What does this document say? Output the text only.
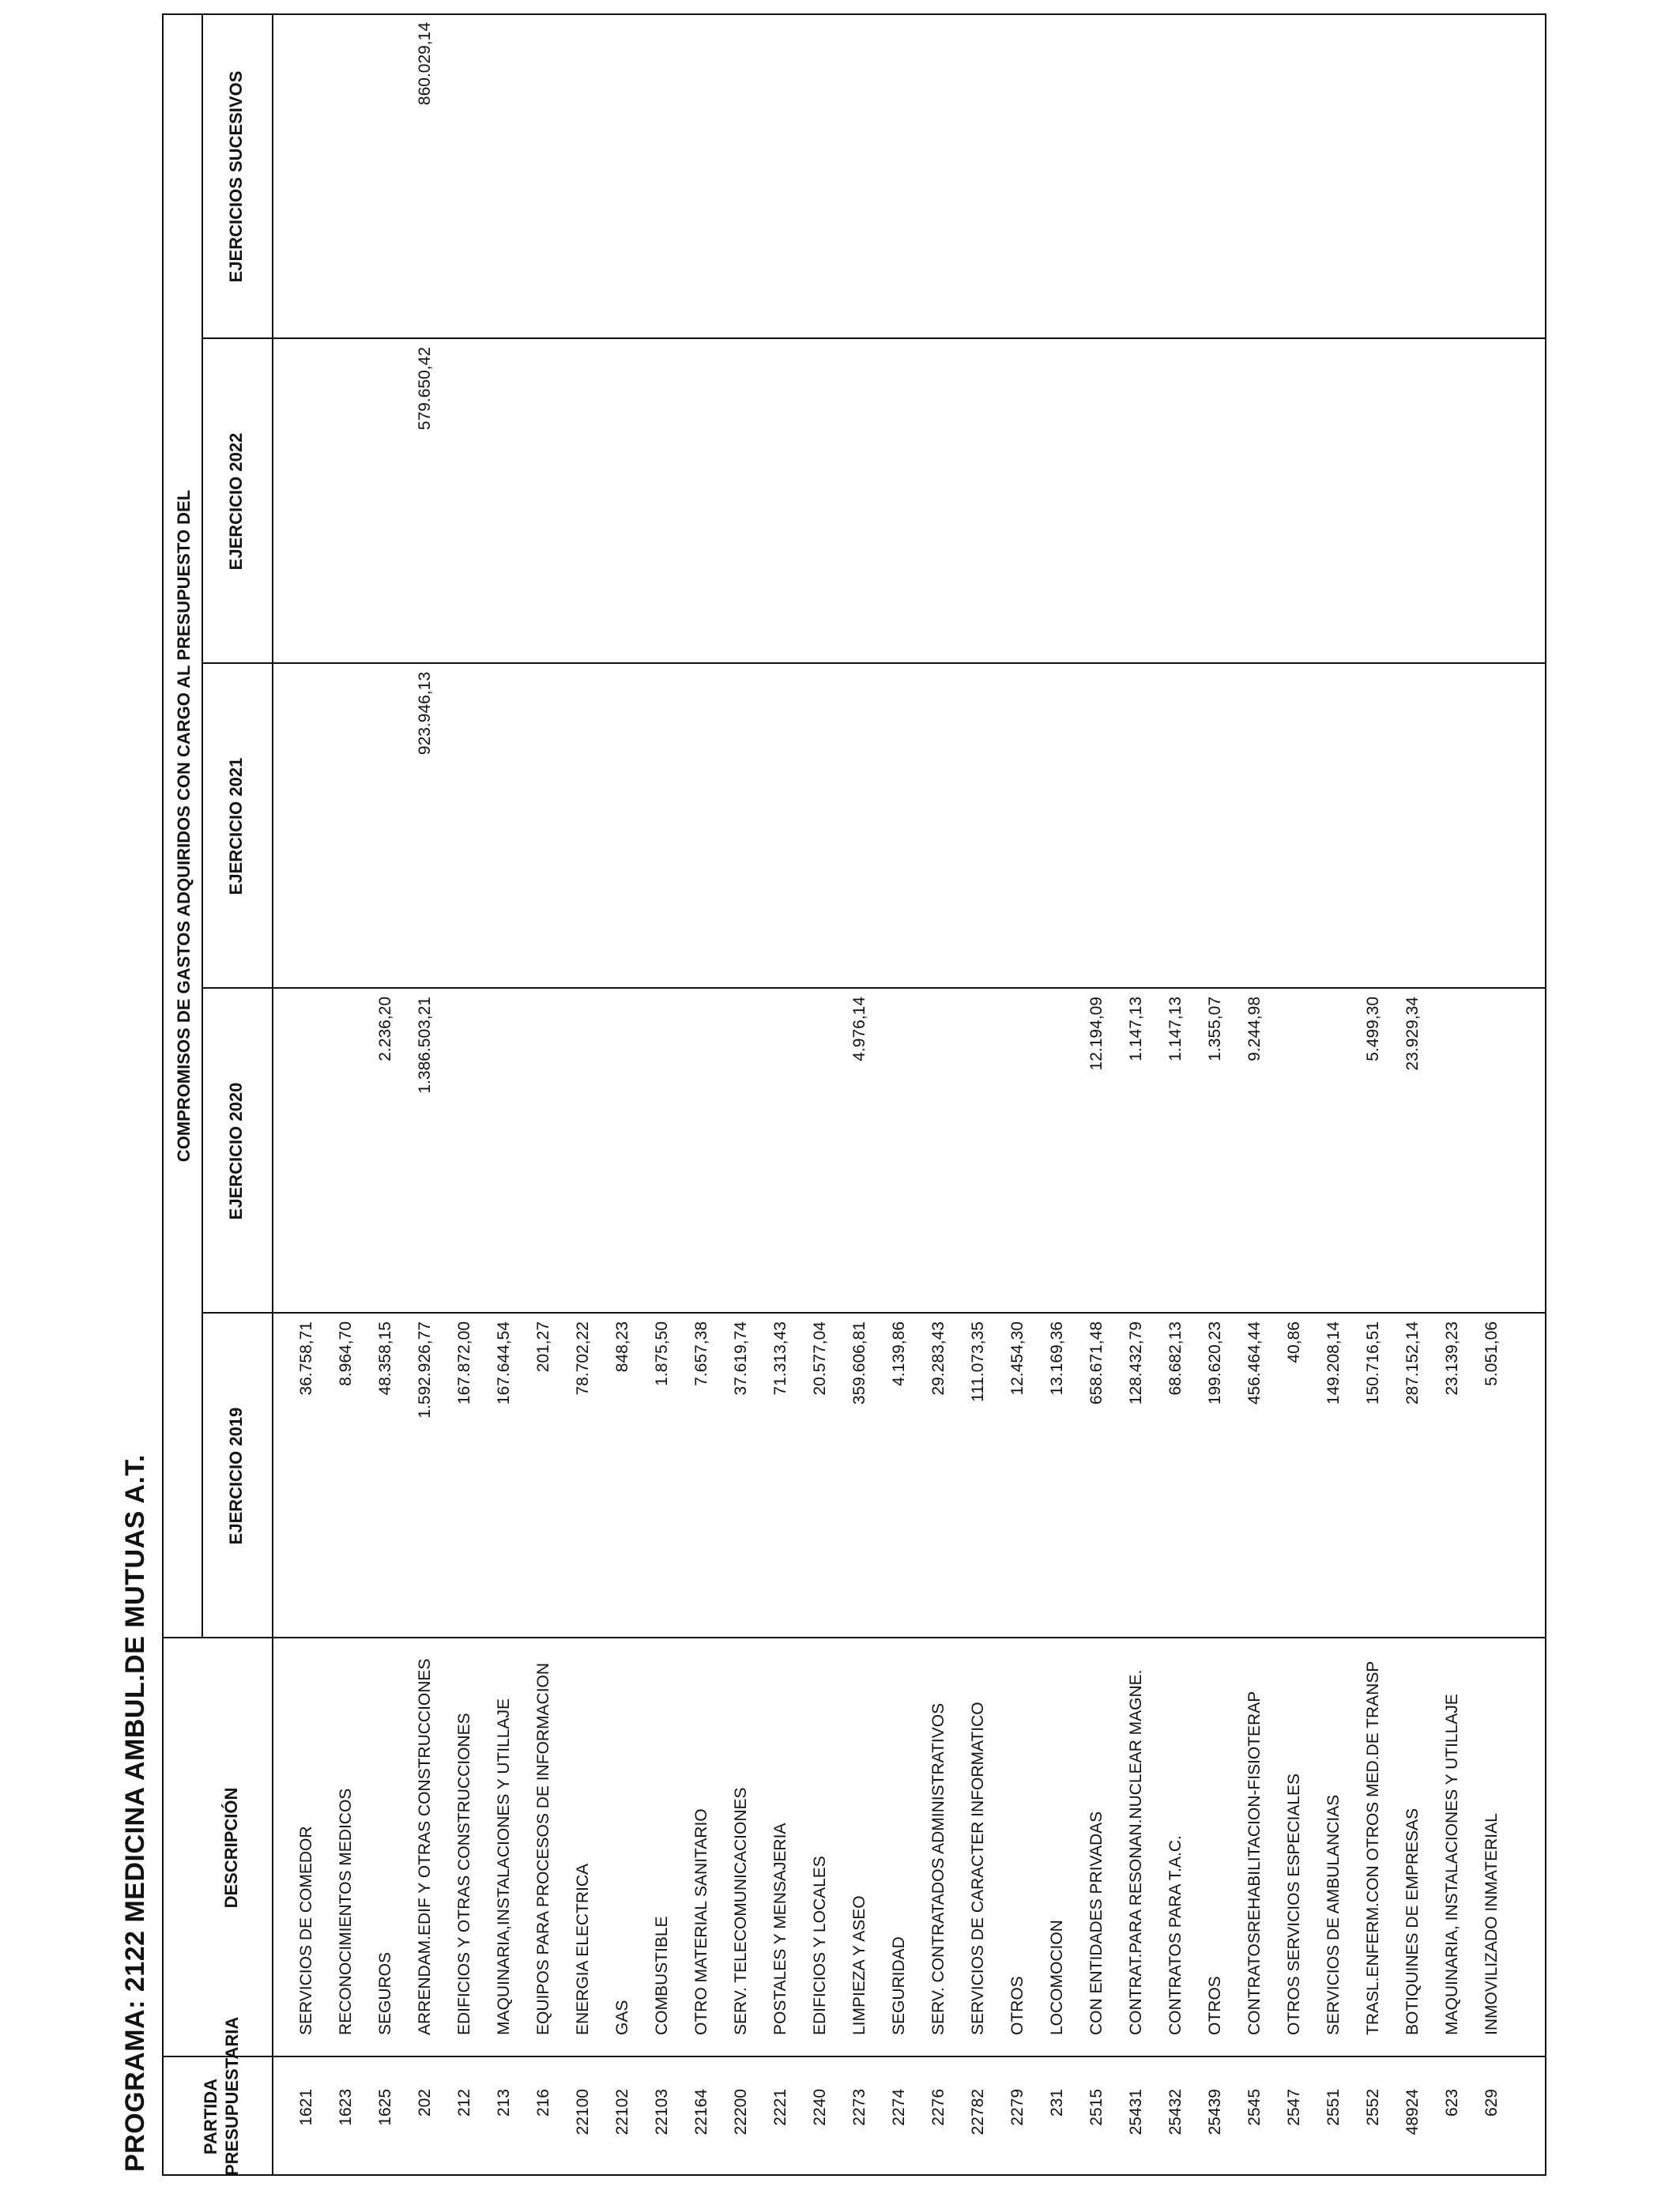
PROGRAMA: 2122 MEDICINA AMBUL.DE MUTUAS A.T.	PARTIDA PRESUPUESTARIA
DESCRIPCIÓN
COMPROMISOS DE GASTOS ADQUIRIDOS CON CARGO AL PRESUPUESTO DEL
EJERCICIO 2019
EJERCICIO 2020
EJERCICIO 2021
EJERCICIO 2022
EJERCICIOS SUCESIVOS
1621
SERVICIOS DE COMEDOR
36.758,71
1623
RECONOCIMIENTOS MEDICOS
8.964,70
1625
SEGUROS
48.358,15
2.236,20
202
ARRENDAM.EDIF Y OTRAS CONSTRUCCIONES
1.592.926,77
1.386.503,21
923.946,13
579.650,42
860.029,14
212
EDIFICIOS Y OTRAS CONSTRUCCIONES
167.872,00
213
MAQUINARIA,INSTALACIONES Y UTILLAJE
167.644,54
216
EQUIPOS PARA PROCESOS DE INFORMACION
201,27
22100
ENERGIA ELECTRICA
78.702,22
22102
GAS
848,23
22103
COMBUSTIBLE
1.875,50
22164
OTRO MATERIAL SANITARIO
7.657,38
22200
SERV. TELECOMUNICACIONES
37.619,74
2221
POSTALES Y MENSAJERIA
71.313,43
2240
EDIFICIOS Y LOCALES
20.577,04
2273
LIMPIEZA Y ASEO
359.606,81
4.976,14
2274
SEGURIDAD
4.139,86
2276
SERV. CONTRATADOS ADMINISTRATIVOS
29.283,43
22782
SERVICIOS DE CARACTER INFORMATICO
111.073,35
2279
OTROS
12.454,30
231
LOCOMOCION
13.169,36
2515
CON ENTIDADES PRIVADAS
658.671,48
12.194,09
25431
CONTRAT.PARA RESONAN.NUCLEAR MAGNE.
128.432,79
1.147,13
25432
CONTRATOS PARA T.A.C.
68.682,13
1.147,13
25439
OTROS
199.620,23
1.355,07
2545
CONTRATOSREHABILITACION-FISIOTERAP
456.464,44
9.244,98
2547
OTROS SERVICIOS ESPECIALES
40,86
2551
SERVICIOS DE AMBULANCIAS
149.208,14
2552
TRASL.ENFERM.CON OTROS MED.DE TRANSP
150.716,51
5.499,30
48924
BOTIQUINES DE EMPRESAS
287.152,14
23.929,34
623
MAQUINARIA, INSTALACIONES Y UTILLAJE
23.139,23
629
INMOVILIZADO INMATERIAL
5.051,06
